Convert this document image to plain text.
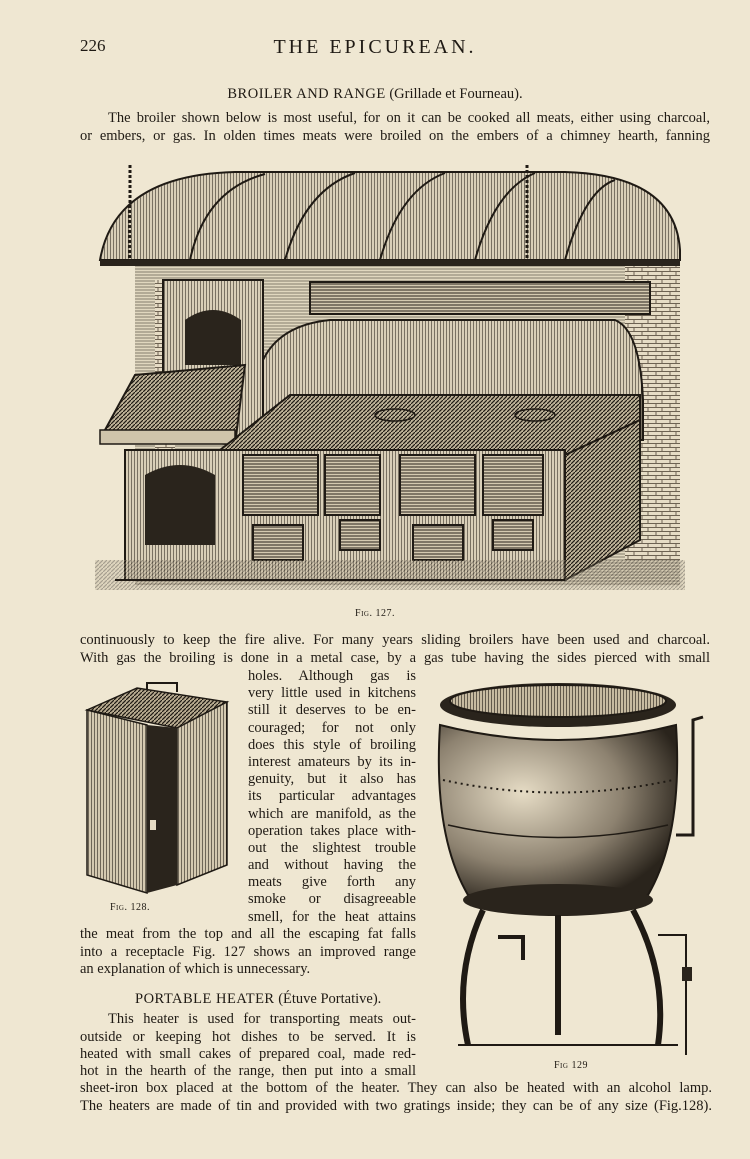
226	THE EPICUREAN.
BROILER AND RANGE (Grillade et Fourneau).
The broiler shown below is most useful, for on it can be cooked all meats, either using charcoal,
or embers, or gas. In olden times meats were broiled on the embers of a chimney hearth, fanning
Fig. 127.
continuously to keep the fire alive. For many years sliding broilers have been used and charcoal.
With gas the broiling is done in a metal case, by a gas tube having the sides pierced with small
Fig. 128.
holes. Although gas is
very little used in kitchens
still it deserves to be en-
couraged; for not only
does this style of broiling
interest amateurs by its in-
genuity, but it also has
its particular advantages
which are manifold, as the
operation takes place with-
out the slightest trouble
and without having the
meats give forth any
smoke or disagreeable
smell, for the heat attains
the meat from the top and all the escaping fat falls
into a receptacle Fig. 127 shows an improved range
an explanation of which is unnecessary.
Fig 129
PORTABLE HEATER (Étuve Portative).
This heater is used for transporting meats out-
outside or keeping hot dishes to be served. It is
heated with small cakes of prepared coal, made red-
hot in the hearth of the range, then put into a small
sheet-iron box placed at the bottom of the heater. They can also be heated with an alcohol lamp.
The heaters are made of tin and provided with two gratings inside; they can be of any size (Fig.128).
